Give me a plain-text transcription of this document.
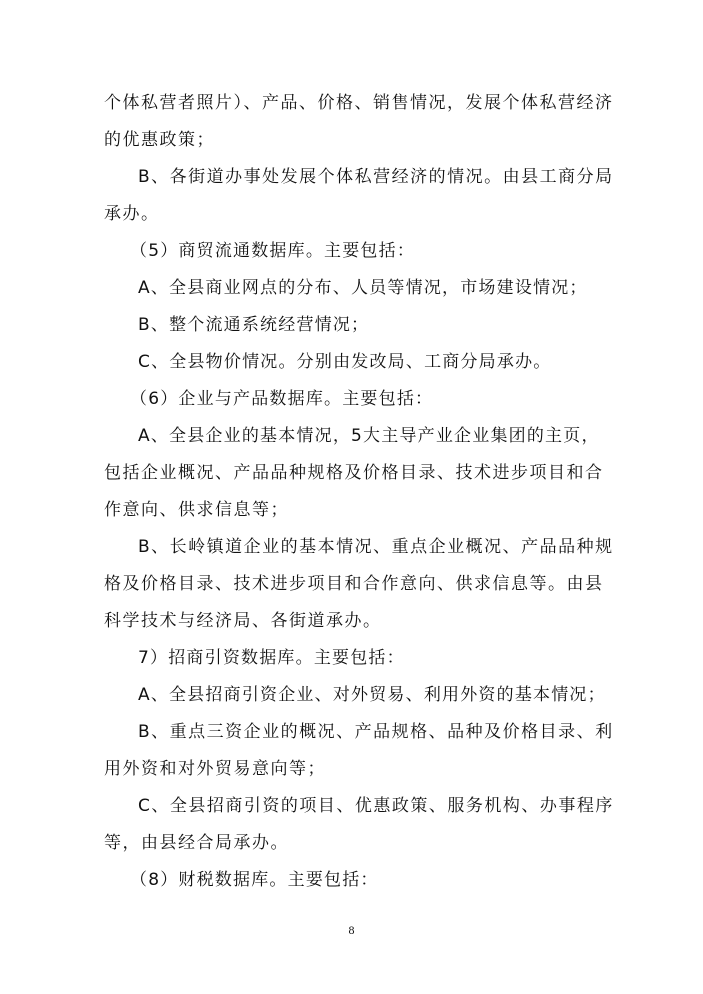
个体私营者照片）、产品、价格、销售情况，发展个体私营经济
的优惠政策；
B、各街道办事处发展个体私营经济的情况。由县工商分局
承办。
（5）商贸流通数据库。主要包括：
A、全县商业网点的分布、人员等情况，市场建设情况；
B、整个流通系统经营情况；
C、全县物价情况。分别由发改局、工商分局承办。
（6）企业与产品数据库。主要包括：
A、全县企业的基本情况，5大主导产业企业集团的主页，
包括企业概况、产品品种规格及价格目录、技术进步项目和合
作意向、供求信息等；
B、长岭镇道企业的基本情况、重点企业概况、产品品种规
格及价格目录、技术进步项目和合作意向、供求信息等。由县
科学技术与经济局、各街道承办。
7）招商引资数据库。主要包括：
A、全县招商引资企业、对外贸易、利用外资的基本情况；
B、重点三资企业的概况、产品规格、品种及价格目录、利
用外资和对外贸易意向等；
C、全县招商引资的项目、优惠政策、服务机构、办事程序
等，由县经合局承办。
（8）财税数据库。主要包括：
8
